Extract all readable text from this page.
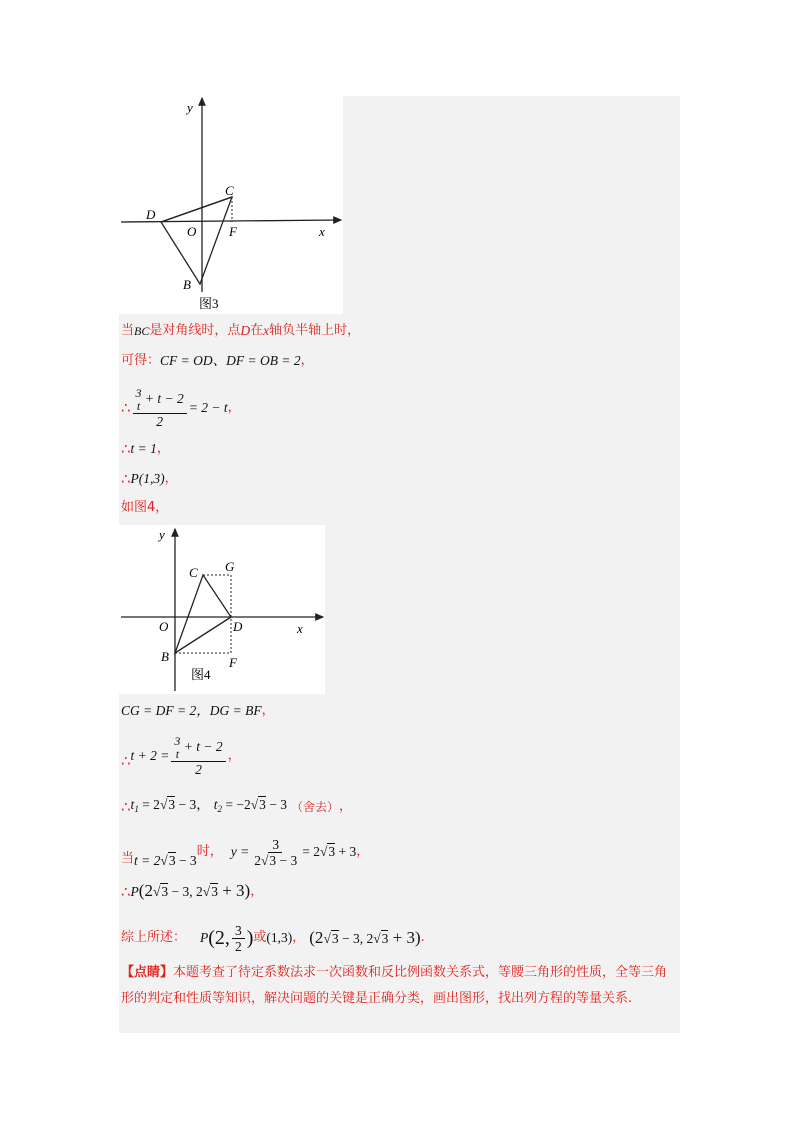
y
x
C
D
O	F
B
图3
当 BC 是对角线时，点 D 在 x 轴负半轴上时，
可得： CF = OD、DF = OB = 2 ，
∴ 3
t + t − 2
2 = 2 − t ，
∴ t = 1 ，
∴ P(1,3) ，
如图4，
y
x
C G
O	D
B	F
图4
CG = DF = 2，DG = BF ，
∴ t + 2 = 3
t + t − 2
2 ，
∴ $t_1 = 2√3 - 3$， $t_2 = -2√3 - 3$ （舍去） ，
当 t = 2√3 − 3
时， $y = \frac{3}{2√3 - 3} = 2√3 + 3$ ，
∴ P (2√3 − 3, 2√3 + 3) ，
综上所述： P (2, $\frac{3}{2}$ ) 或 (1,3) ， (2√3 − 3, 2√3 + 3) .
【点睛】本题考查了待定系数法求一次函数和反比例函数关系式，等腰三角形的性质，全等三角形的判定和性质等知识，解决问题的关键是正确分类，画出图形，找出列方程的等量关系.
